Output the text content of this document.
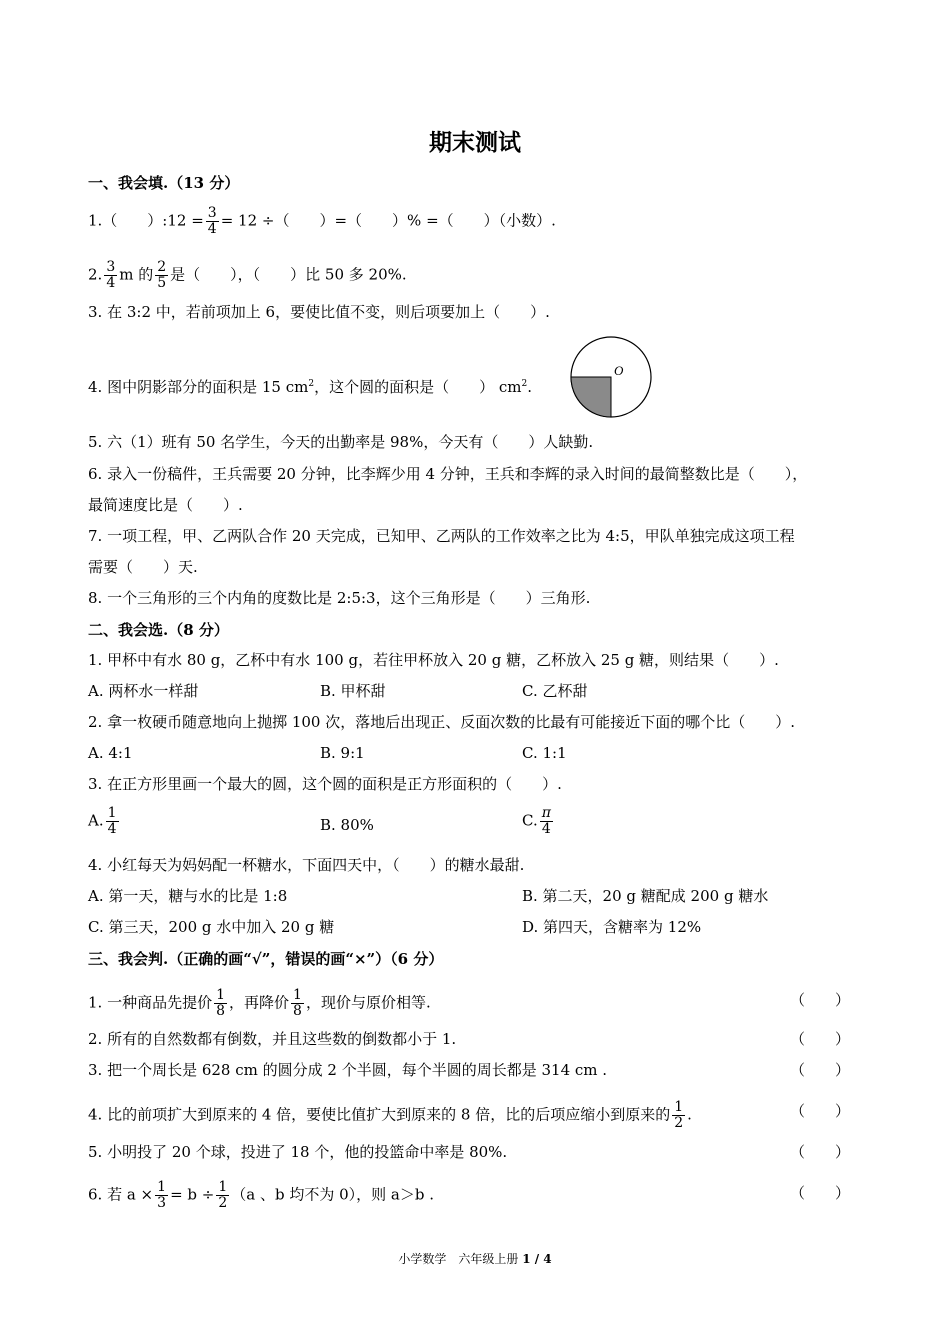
期末测试
一、我会填.（13 分）
1.（　　）:12 = $\frac{3}{4} = 12$ ÷（　　）=（　　）% =（　　）（小数）.
2. $\frac{3}{4}$ m 的 $\frac{2}{5}$ 是（　　），（　　）比 50 多 20%.
3. 在 3:2 中，若前项加上 6，要使比值不变，则后项要加上（　　）.
4. 图中阴影部分的面积是 15 $cm^2$，这个圆的面积是（　　） $cm^2$.
O
5. 六（1）班有 50 名学生，今天的出勤率是 98%，今天有（　　）人缺勤.
6. 录入一份稿件，王兵需要 20 分钟，比李辉少用 4 分钟，王兵和李辉的录入时间的最简整数比是（　　），
最简速度比是（　　）.
7. 一项工程，甲、乙两队合作 20 天完成，已知甲、乙两队的工作效率之比为 4:5，甲队单独完成这项工程
需要（　　）天.
8. 一个三角形的三个内角的度数比是 2:5:3，这个三角形是（　　）三角形.
二、我会选.（8 分）
1. 甲杯中有水 80 g，乙杯中有水 100 g，若往甲杯放入 20 g 糖，乙杯放入 25 g 糖，则结果（　　）.
A. 两杯水一样甜	B. 甲杯甜	C. 乙杯甜
2. 拿一枚硬币随意地向上抛掷 100 次，落地后出现正、反面次数的比最有可能接近下面的哪个比（　　）.
A. 4:1	B. 9:1	C. 1:1
3. 在正方形里画一个最大的圆，这个圆的面积是正方形面积的（　　）.
A. $\frac{1}{4}$	B. 80%	C. $\frac{\pi}{4}$
4. 小红每天为妈妈配一杯糖水，下面四天中，（　　）的糖水最甜.
A. 第一天，糖与水的比是 1:8	B. 第二天，20 g 糖配成 200 g 糖水
C. 第三天，200 g 水中加入 20 g 糖	D. 第四天，含糖率为 12%
三、我会判.（正确的画“√”，错误的画“×”）（6 分）
1. 一种商品先提价 $\frac{1}{8}$ ，再降价 $\frac{1}{8}$ ，现价与原价相等.	（　　）
2. 所有的自然数都有倒数，并且这些数的倒数都小于 1.	（　　）
3. 把一个周长是 628 cm 的圆分成 2 个半圆，每个半圆的周长都是 314 cm .	（　　）
4. 比的前项扩大到原来的 4 倍，要使比值扩大到原来的 8 倍，比的后项应缩小到原来的 $\frac{1}{2}$ .	（　　）
5. 小明投了 20 个球，投进了 18 个，他的投篮命中率是 80%.	（　　）
6. 若 $a \times \frac{1}{3} = b \div \frac{1}{2} (a$ 、b 均不为 0），则 a＞b .	（　　）
小学数学　六年级上册 1 / 4
